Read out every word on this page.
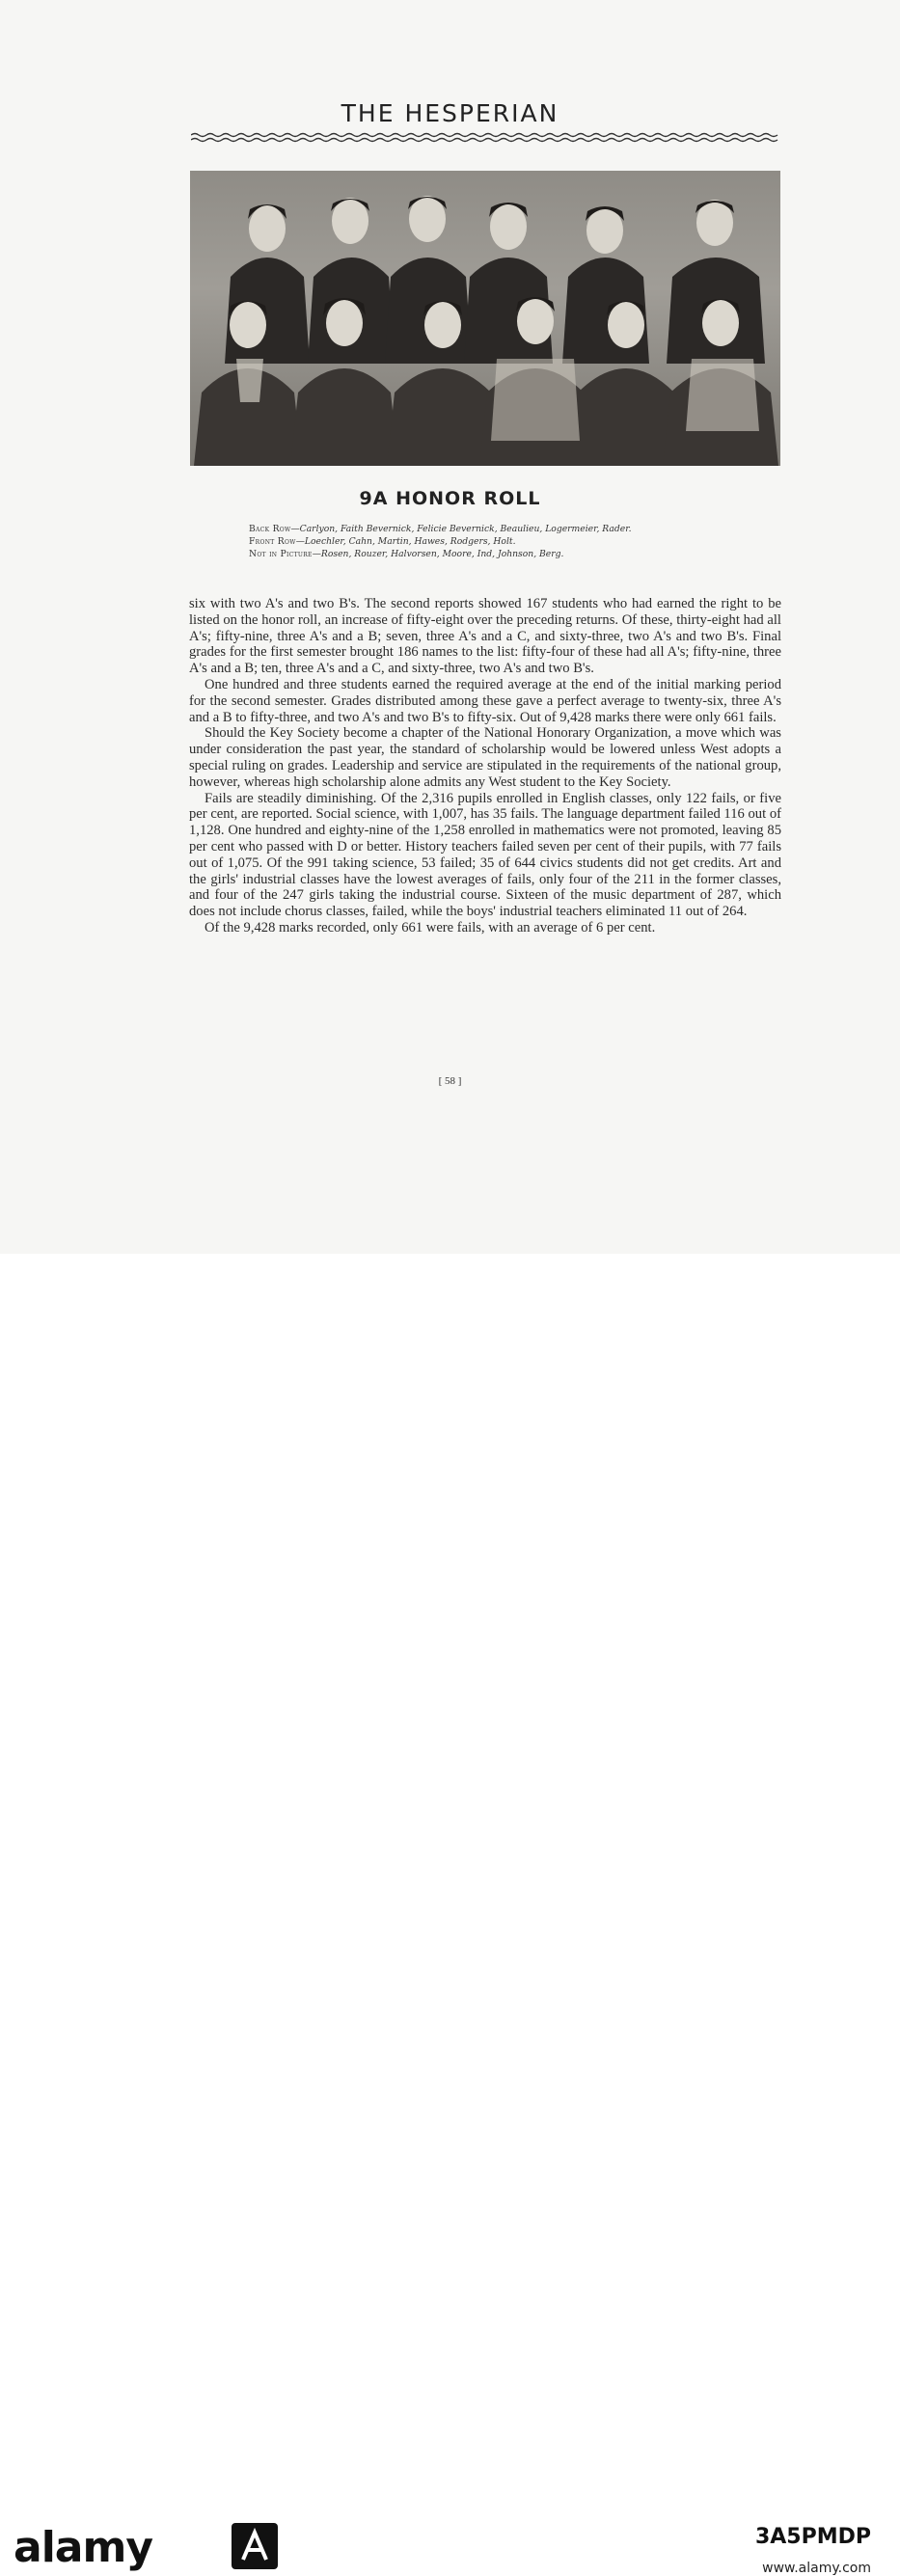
THE HESPERIAN
9A HONOR ROLL
Back Row—Carlyon, Faith Bevernick, Felicie Bevernick, Beaulieu, Logermeier, Rader.
Front Row—Loechler, Cahn, Martin, Hawes, Rodgers, Holt.
Not in Picture—Rosen, Rouzer, Halvorsen, Moore, Ind, Johnson, Berg.

six with two A's and two B's. The second reports showed 167 students who had earned the right to be listed on the honor roll, an increase of fifty-eight over the preceding returns. Of these, thirty-eight had all A's; fifty-nine, three A's and a B; seven, three A's and a C, and sixty-three, two A's and two B's. Final grades for the first semester brought 186 names to the list: fifty-four of these had all A's; fifty-nine, three A's and a B; ten, three A's and a C, and sixty-three, two A's and two B's.

One hundred and three students earned the required average at the end of the initial marking period for the second semester. Grades distributed among these gave a perfect average to twenty-six, three A's and a B to fifty-three, and two A's and two B's to fifty-six. Out of 9,428 marks there were only 661 fails.

Should the Key Society become a chapter of the National Honorary Organization, a move which was under consideration the past year, the standard of scholarship would be lowered unless West adopts a special ruling on grades. Leadership and service are stipulated in the requirements of the national group, however, whereas high scholarship alone admits any West student to the Key Society.

Fails are steadily diminishing. Of the 2,316 pupils enrolled in English classes, only 122 fails, or five per cent, are reported. Social science, with 1,007, has 35 fails. The language department failed 116 out of 1,128. One hundred and eighty-nine of the 1,258 enrolled in mathematics were not promoted, leaving 85 per cent who passed with D or better. History teachers failed seven per cent of their pupils, with 77 fails out of 1,075. Of the 991 taking science, 53 failed; 35 of 644 civics students did not get credits. Art and the girls' industrial classes have the lowest averages of fails, only four of the 211 in the former classes, and four of the 247 girls taking the industrial course. Sixteen of the music department of 287, which does not include chorus classes, failed, while the boys' industrial teachers eliminated 11 out of 264.

Of the 9,428 marks recorded, only 661 were fails, with an average of 6 per cent.

[ 58 ]
alamy	3A5PMDP
www.alamy.com
